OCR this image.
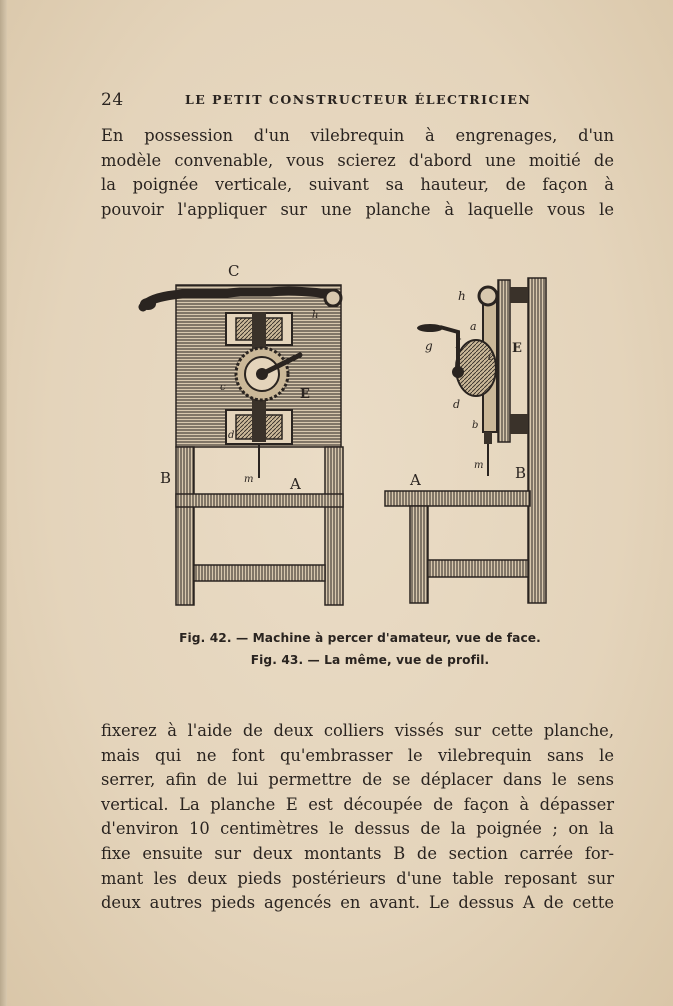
24	LE PETIT CONSTRUCTEUR ÉLECTRICIEN
En possession d'un vilebrequin à engrenages, d'un
modèle convenable, vous scierez d'abord une moitié de
la poignée verticale, suivant sa hauteur, de façon à
pouvoir l'appliquer sur une planche à laquelle vous le
C
B	A
E
c
d
h
m
h
a
g f
c
E
d
b
m
A	B
Fig. 42. — Machine à percer d'amateur, vue de face.
Fig. 43. — La même, vue de profil.
fixerez à l'aide de deux colliers vissés sur cette planche,
mais qui ne font qu'embrasser le vilebrequin sans le
serrer, afin de lui permettre de se déplacer dans le sens
vertical. La planche E est découpée de façon à dépasser
d'environ 10 centimètres le dessus de la poignée ; on la
fixe ensuite sur deux montants B de section carrée for-
mant les deux pieds postérieurs d'une table reposant sur
deux autres pieds agencés en avant. Le dessus A de cette
